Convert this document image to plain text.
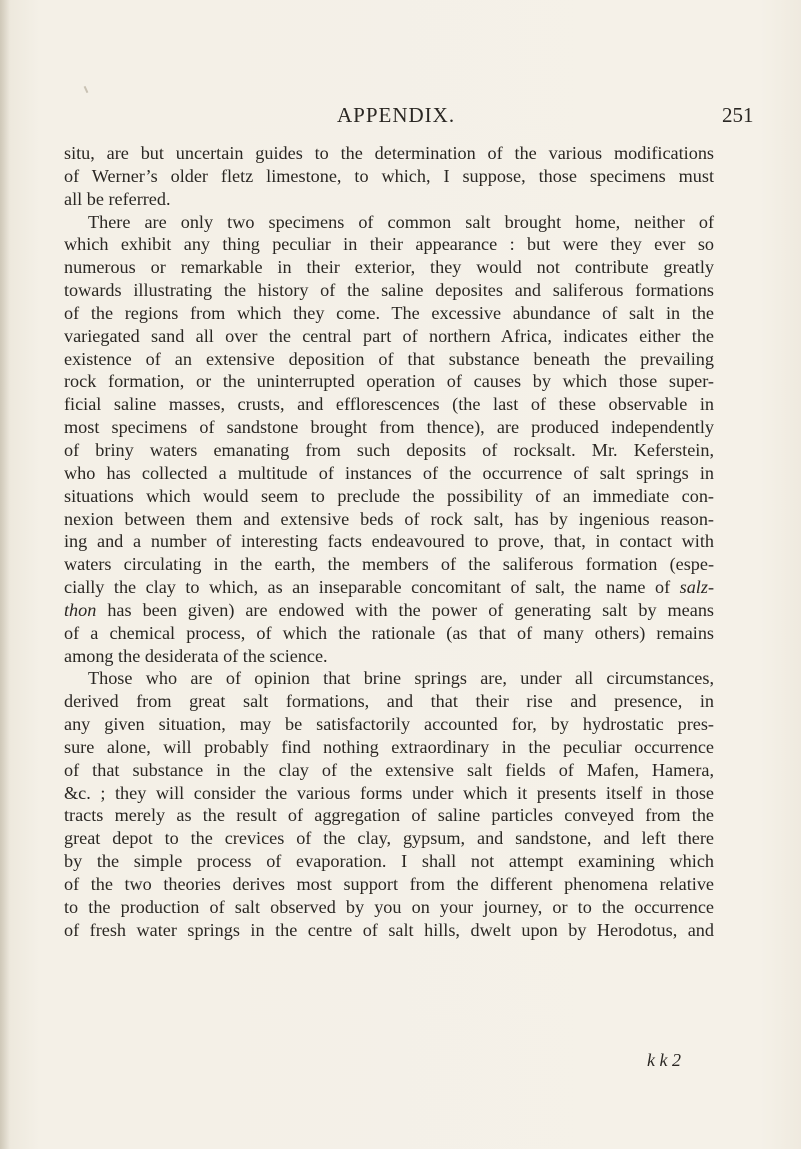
APPENDIX.	251
situ, are but uncertain guides to the determination of the various modifications
of Werner’s older fletz limestone, to which, I suppose, those specimens must
all be referred.
There are only two specimens of common salt brought home, neither of
which exhibit any thing peculiar in their appearance : but were they ever so
numerous or remarkable in their exterior, they would not contribute greatly
towards illustrating the history of the saline deposites and saliferous formations
of the regions from which they come. The excessive abundance of salt in the
variegated sand all over the central part of northern Africa, indicates either the
existence of an extensive deposition of that substance beneath the prevailing
rock formation, or the uninterrupted operation of causes by which those super-
ficial saline masses, crusts, and efflorescences (the last of these observable in
most specimens of sandstone brought from thence), are produced independently
of briny waters emanating from such deposits of rocksalt. Mr. Keferstein,
who has collected a multitude of instances of the occurrence of salt springs in
situations which would seem to preclude the possibility of an immediate con-
nexion between them and extensive beds of rock salt, has by ingenious reason-
ing and a number of interesting facts endeavoured to prove, that, in contact with
waters circulating in the earth, the members of the saliferous formation (espe-
cially the clay to which, as an inseparable concomitant of salt, the name of salz-
thon has been given) are endowed with the power of generating salt by means
of a chemical process, of which the rationale (as that of many others) remains
among the desiderata of the science.
Those who are of opinion that brine springs are, under all circumstances,
derived from great salt formations, and that their rise and presence, in
any given situation, may be satisfactorily accounted for, by hydrostatic pres-
sure alone, will probably find nothing extraordinary in the peculiar occurrence
of that substance in the clay of the extensive salt fields of Mafen, Hamera,
&c. ; they will consider the various forms under which it presents itself in those
tracts merely as the result of aggregation of saline particles conveyed from the
great depot to the crevices of the clay, gypsum, and sandstone, and left there
by the simple process of evaporation. I shall not attempt examining which
of the two theories derives most support from the different phenomena relative
to the production of salt observed by you on your journey, or to the occurrence
of fresh water springs in the centre of salt hills, dwelt upon by Herodotus, and
k k 2
